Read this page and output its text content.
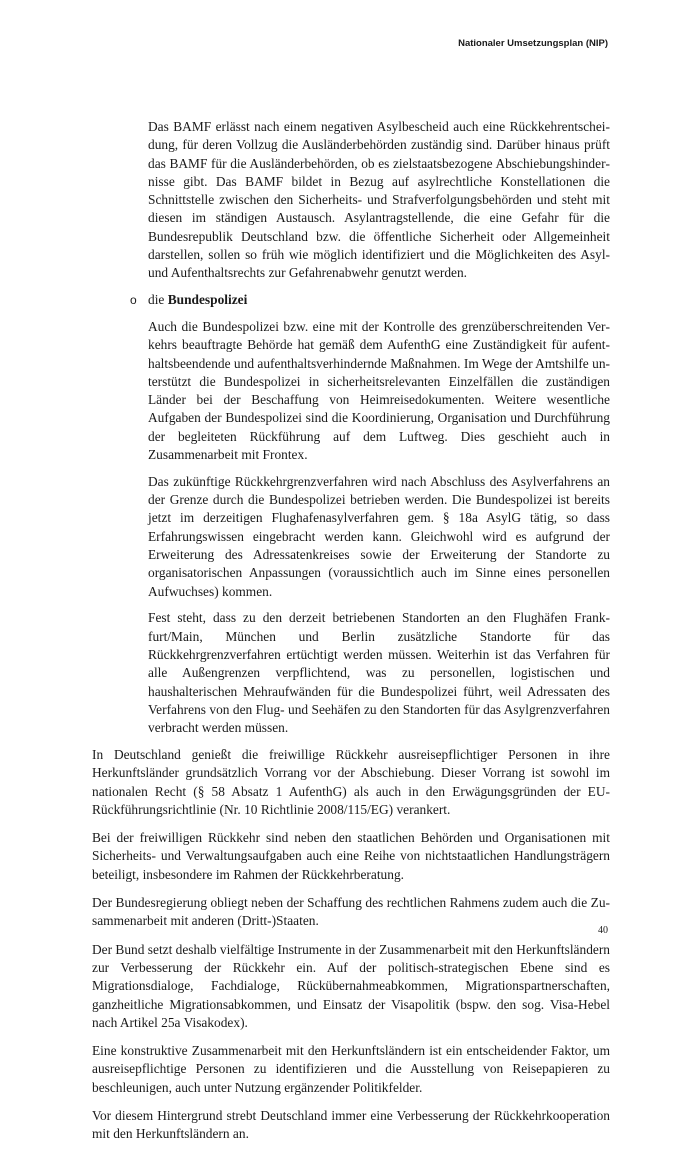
Nationaler Umsetzungsplan (NIP)

Das BAMF erlässt nach einem negativen Asylbescheid auch eine Rückkehrentscheidung, für deren Vollzug die Ausländerbehörden zuständig sind. Darüber hinaus prüft das BAMF für die Ausländerbehörden, ob es zielstaatsbezogene Abschiebungshindernisse gibt. Das BAMF bildet in Bezug auf asylrechtliche Konstellationen die Schnittstelle zwischen den Sicherheits- und Strafverfolgungsbehörden und steht mit diesen im ständigen Austausch. Asylantragstellende, die eine Gefahr für die Bundesrepublik Deutschland bzw. die öffentliche Sicherheit oder Allgemeinheit darstellen, sollen so früh wie möglich identifiziert und die Möglichkeiten des Asyl- und Aufenthaltsrechts zur Gefahrenabwehr genutzt werden.

o die Bundespolizei

Auch die Bundespolizei bzw. eine mit der Kontrolle des grenzüberschreitenden Verkehrs beauftragte Behörde hat gemäß dem AufenthG eine Zuständigkeit für aufenthaltsbeendende und aufenthaltsverhindernde Maßnahmen. Im Wege der Amtshilfe unterstützt die Bundespolizei in sicherheitsrelevanten Einzelfällen die zuständigen Länder bei der Beschaffung von Heimreisedokumenten. Weitere wesentliche Aufgaben der Bundespolizei sind die Koordinierung, Organisation und Durchführung der begleiteten Rückführung auf dem Luftweg. Dies geschieht auch in Zusammenarbeit mit Frontex.

Das zukünftige Rückkehrgrenzverfahren wird nach Abschluss des Asylverfahrens an der Grenze durch die Bundespolizei betrieben werden. Die Bundespolizei ist bereits jetzt im derzeitigen Flughafenasylverfahren gem. § 18a AsylG tätig, so dass Erfahrungswissen eingebracht werden kann. Gleichwohl wird es aufgrund der Erweiterung des Adressatenkreises sowie der Erweiterung der Standorte zu organisatorischen Anpassungen (voraussichtlich auch im Sinne eines personellen Aufwuchses) kommen.

Fest steht, dass zu den derzeit betriebenen Standorten an den Flughäfen Frankfurt/Main, München und Berlin zusätzliche Standorte für das Rückkehrgrenzverfahren ertüchtigt werden müssen. Weiterhin ist das Verfahren für alle Außengrenzen verpflichtend, was zu personellen, logistischen und haushalterischen Mehraufwänden für die Bundespolizei führt, weil Adressaten des Verfahrens von den Flug- und Seehäfen zu den Standorten für das Asylgrenzverfahren verbracht werden müssen.

In Deutschland genießt die freiwillige Rückkehr ausreisepflichtiger Personen in ihre Herkunftsländer grundsätzlich Vorrang vor der Abschiebung. Dieser Vorrang ist sowohl im nationalen Recht (§ 58 Absatz 1 AufenthG) als auch in den Erwägungsgründen der EU-Rückführungsrichtlinie (Nr. 10 Richtlinie 2008/115/EG) verankert.

Bei der freiwilligen Rückkehr sind neben den staatlichen Behörden und Organisationen mit Sicherheits- und Verwaltungsaufgaben auch eine Reihe von nichtstaatlichen Handlungsträgern beteiligt, insbesondere im Rahmen der Rückkehrberatung.

Der Bundesregierung obliegt neben der Schaffung des rechtlichen Rahmens zudem auch die Zusammenarbeit mit anderen (Dritt-)Staaten.

Der Bund setzt deshalb vielfältige Instrumente in der Zusammenarbeit mit den Herkunftsländern zur Verbesserung der Rückkehr ein. Auf der politisch-strategischen Ebene sind es Migrationsdialoge, Fachdialoge, Rückübernahmeabkommen, Migrationspartnerschaften, ganzheitliche Migrationsabkommen, und Einsatz der Visapolitik (bspw. den sog. Visa-Hebel nach Artikel 25a Visakodex).

Eine konstruktive Zusammenarbeit mit den Herkunftsländern ist ein entscheidender Faktor, um ausreisepflichtige Personen zu identifizieren und die Ausstellung von Reisepapieren zu beschleunigen, auch unter Nutzung ergänzender Politikfelder.

Vor diesem Hintergrund strebt Deutschland immer eine Verbesserung der Rückkehrkooperation mit den Herkunftsländern an.

40
